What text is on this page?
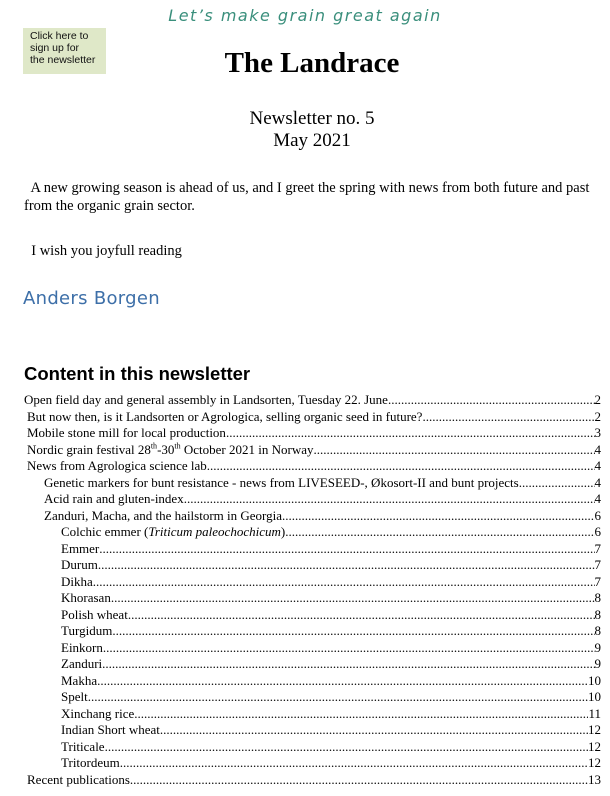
Let’s make grain great again
Click here to
sign up for
the newsletter	The Landrace
Newsletter no. 5
May 2021
A new growing season is ahead of us, and I greet the spring with news from both future and past from the organic grain sector.
I wish you joyfull reading
Anders Borgen
Content in this newsletter
Open field day and general assembly in Landsorten, Tuesday 22. June .....	2
But now then, is it Landsorten or Agrologica, selling organic seed in future? .....	2
Mobile stone mill for local production .....	3
Nordic grain festival 28th-30th October 2021 in Norway .....	4
News from Agrologica science lab .....	4
Genetic markers for bunt resistance - news from LIVESEED-, Økosort-II and bunt projects .....	4
Acid rain and gluten-index .....	4
Zanduri, Macha, and the hailstorm in Georgia .....	6
Colchic emmer (Triticum paleochochicum) .....	6
Emmer .....	7
Durum .....	7
Dikha .....	7
Khorasan .....	8
Polish wheat .....	8
Turgidum .....	8
Einkorn .....	9
Zanduri .....	9
Makha .....	10
Spelt .....	10
Xinchang rice .....	11
Indian Short wheat .....	12
Triticale .....	12
Tritordeum .....	12
Recent publications .....	13
